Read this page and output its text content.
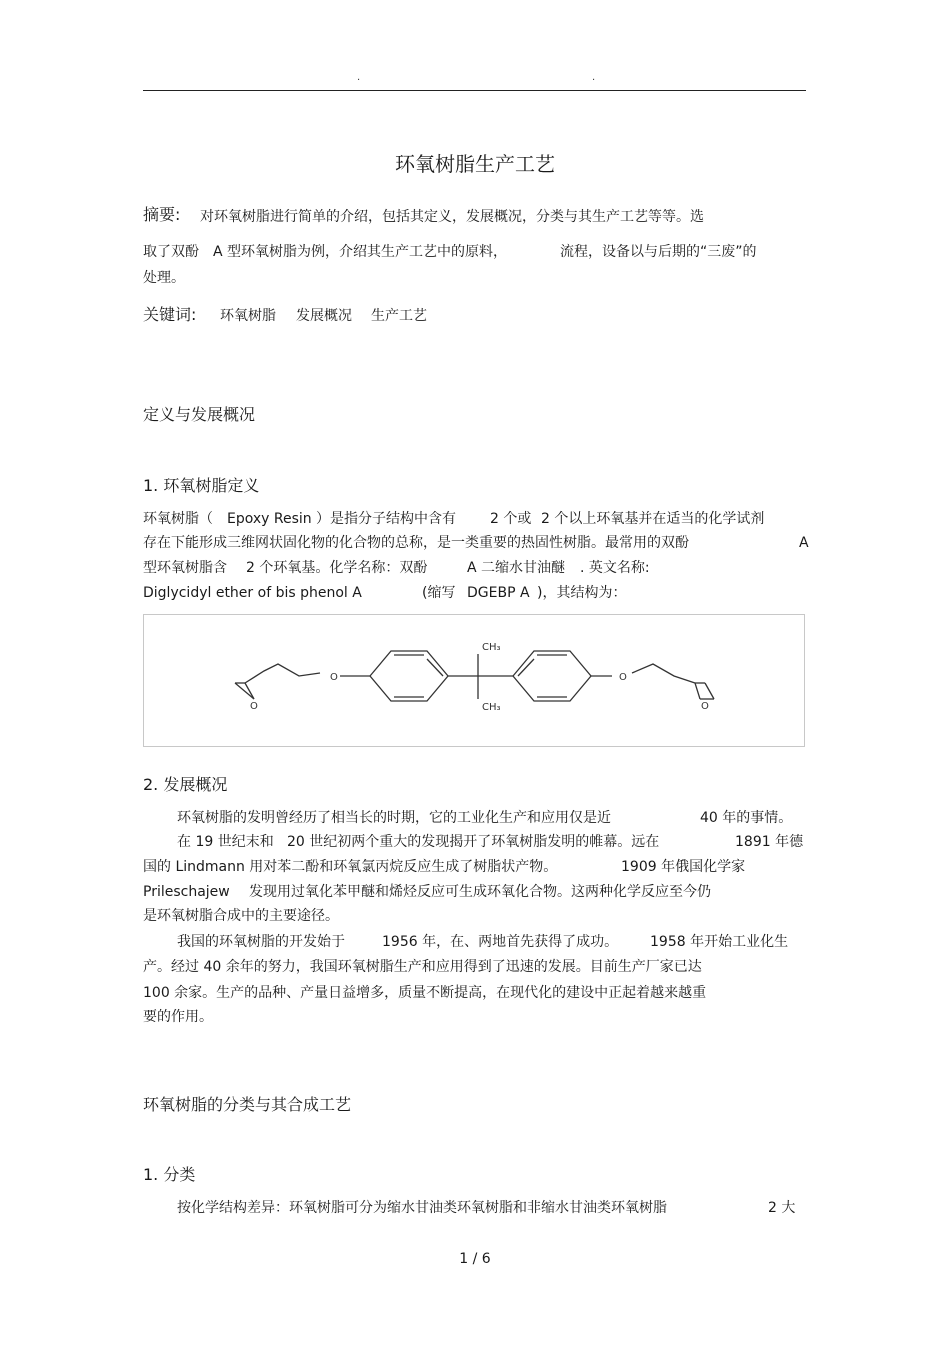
.	.
环氧树脂生产工艺
摘要: 对环氧树脂进行简单的介绍，包括其定义，发展概况，分类与其生产工艺等等。选
取了双酚 A 型环氧树脂为例，介绍其生产工艺中的原料，	流程，设备以与后期的“三废”的
处理。
关键词: 环氧树脂 发展概况 生产工艺
定义与发展概况
1. 环氧树脂定义
环氧树脂（ Epoxy Resin ）是指分子结构中含有 2 个或 2 个以上环氧基并在适当的化学试剂
存在下能形成三维网状固化物的化合物的总称，是一类重要的热固性树脂。最常用的双酚	A
型环氧树脂含 2 个环氧基。化学名称：双酚	A 二缩水甘油醚 . 英文名称:
Diglycidyl ether of bis phenol A	(缩写 DGEBP A )，其结构为：
CH₃
CH₃
O	O
O	O
2. 发展概况
环氧树脂的发明曾经历了相当长的时期，它的工业化生产和应用仅是近	40 年的事情。
在 19 世纪末和 20 世纪初两个重大的发现揭开了环氧树脂发明的帷幕。远在	1891 年德
国的 Lindmann 用对苯二酚和环氧氯丙烷反应生成了树脂状产物。	1909 年俄国化学家
Prileschajew 发现用过氧化苯甲醚和烯烃反应可生成环氧化合物。这两种化学反应至今仍
是环氧树脂合成中的主要途径。
我国的环氧树脂的开发始于	1956 年，在、两地首先获得了成功。 1958 年开始工业化生
产。经过 40 余年的努力，我国环氧树脂生产和应用得到了迅速的发展。目前生产厂家已达
100 余家。生产的品种、产量日益增多，质量不断提高，在现代化的建设中正起着越来越重
要的作用。
环氧树脂的分类与其合成工艺
1. 分类
按化学结构差异：环氧树脂可分为缩水甘油类环氧树脂和非缩水甘油类环氧树脂	2 大
1 / 6
